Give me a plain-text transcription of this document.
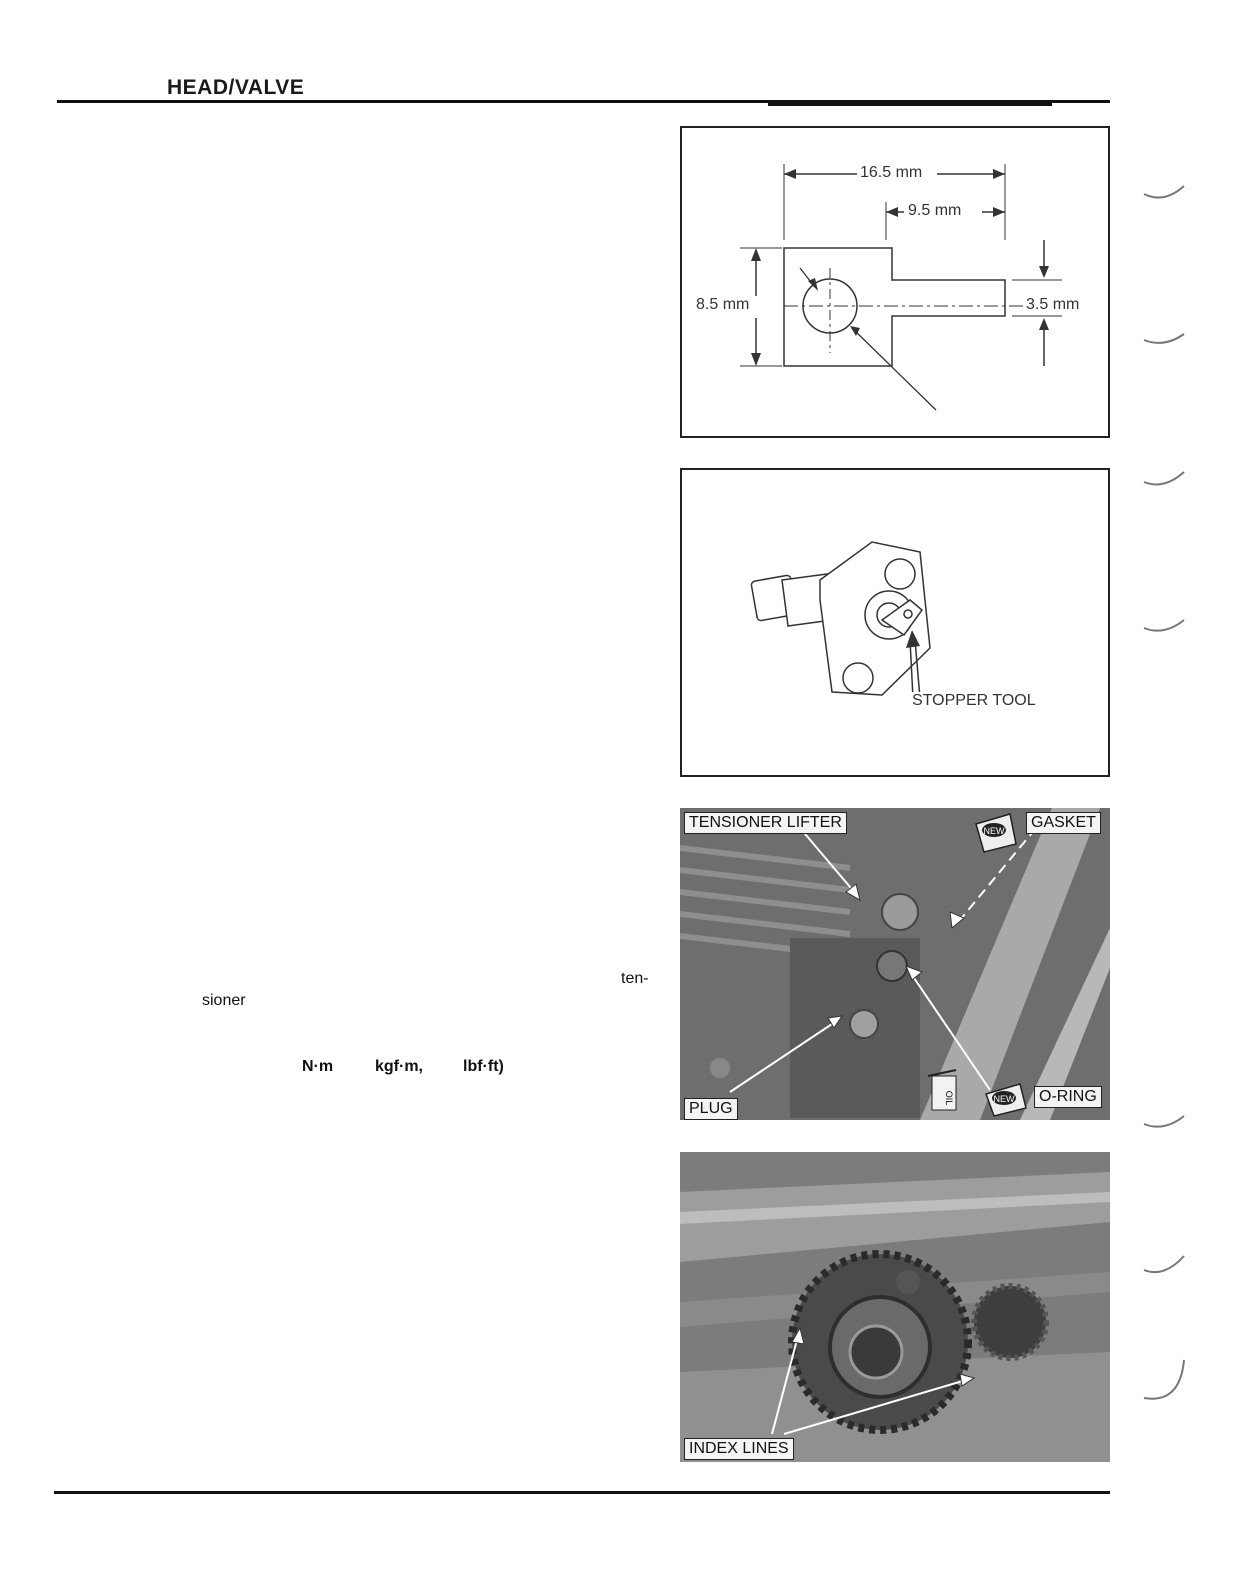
HEAD/VALVE
ten-
sioner
N·m	kgf·m,	lbf·ft)
16.5 mm
9.5 mm
8.5 mm	3.5 mm
STOPPER TOOL
NEW
OIL	NEW
TENSIONER LIFTER	GASKET
PLUG
O-RING
INDEX LINES
